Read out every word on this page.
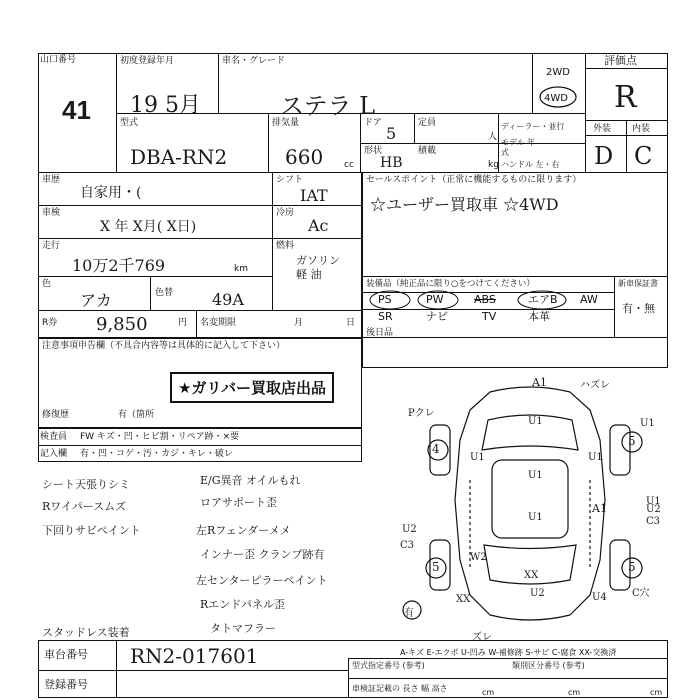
山口番号
41
初度登録年月
19 5月
車名・グレード
ステラ L
2WD
4WD
評価点
R
型式
DBA-RN2
排気量
660 cc
ドア
5
定員
人
ディーラー・並行
モデル 年式
外装 内装
D C
形状
HB
積載
kg ハンドル 左・右
車歴
自家用・(
シフト
IAT
車検
X 年 X月( X日)
冷房
Ac
走行
10万2千769	km
燃料
ガソリン
軽 油
色
アカ	色替 49A
R券 9,850	円 名変期限	月	日
セールスポイント（正常に機能するものに限ります）
☆ユーザー買取車 ☆4WD
装備品（純正品に限り○をつけてください）	新車保証書
有・無
PS	PW	ABS	エアB AW
SR	ナビ	TV	本革
後日品
注意事項申告欄（不具合内容等は具体的に記入して下さい）
★ガリバー買取店出品
修復歴	有（箇所
検査員 FW キズ・凹・ヒビ割・リペア跡・×要
記入欄 有・凹・コゲ・汚・カジ・キレ・破レ
シート天張りシミ	E/G異音 オイルもれ
Rワイパースムズ	ロアサポート歪
下回りサビペイント	左Rフェンダーメメ
インナー歪 クランプ跡有
左センターピラーペイント
Rエンドパネル歪
スタッドレス装着	タトマフラー
A1	ハズレ
Pクレ
U1
U1	U1
U1
U1
U1
U1
4
5
5	5
A1
U2
C3
U2
C3
W2
XX
U2	U4	C穴
XX
有
ズレ
A-キズ E-エクボ U-凹み W-補修跡 S-サビ C-腐食 XX-交換済
車台番号 RN2-017601
登録番号
型式指定番号 (参考)	類別区分番号 (参考)
車検証記載の 長さ 幅 高さ	cm	cm	cm
